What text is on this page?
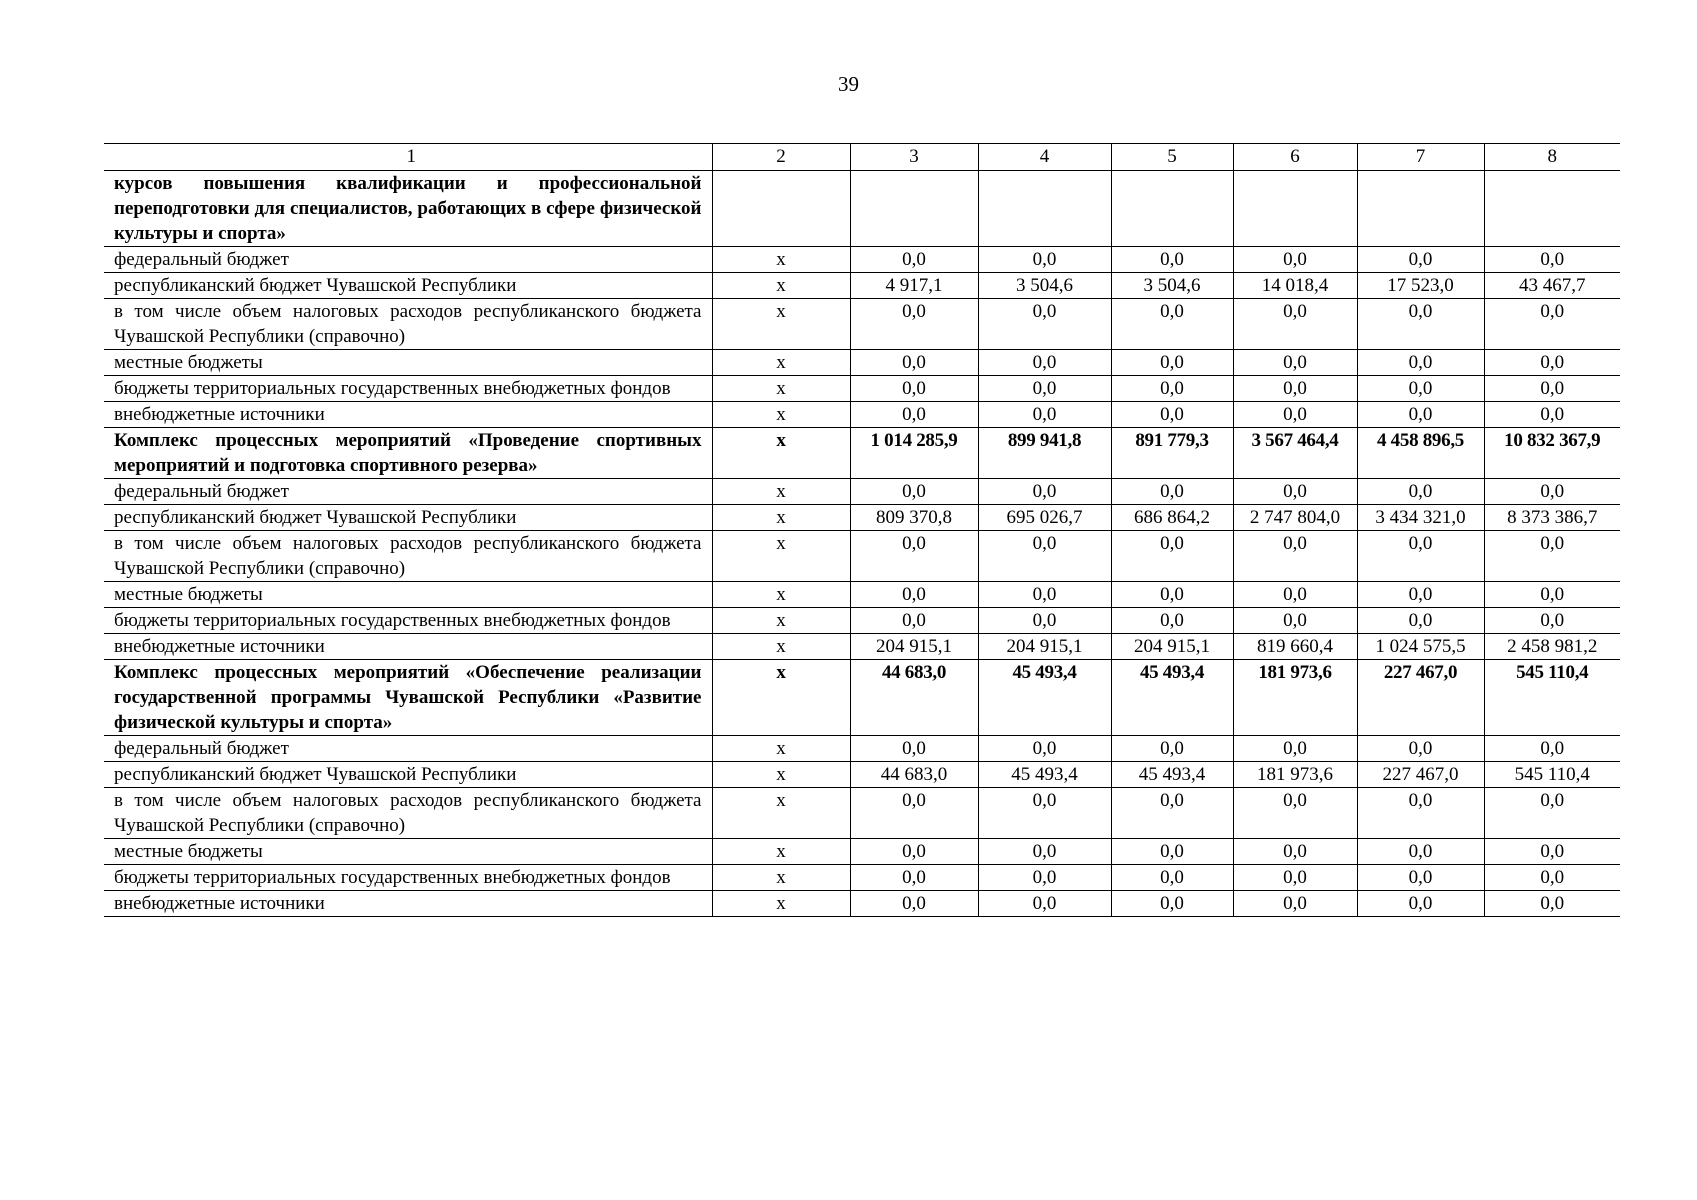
39
1	2	3	4	5	6	7	8
курсов повышения квалификации и профессиональной переподготовки для специалистов, работающих в сфере физической культуры и спорта»							
федеральный бюджет	х	0,0	0,0	0,0	0,0	0,0	0,0
республиканский бюджет Чувашской Республики	х	4 917,1	3 504,6	3 504,6	14 018,4	17 523,0	43 467,7
в том числе объем налоговых расходов республиканского бюджета Чувашской Республики (справочно)	х	0,0	0,0	0,0	0,0	0,0	0,0
местные бюджеты	х	0,0	0,0	0,0	0,0	0,0	0,0
бюджеты территориальных государственных внебюджетных фондов	х	0,0	0,0	0,0	0,0	0,0	0,0
внебюджетные источники	х	0,0	0,0	0,0	0,0	0,0	0,0
Комплекс процессных мероприятий «Проведение спортивных мероприятий и подготовка спортивного резерва»	х	1 014 285,9	899 941,8	891 779,3	3 567 464,4	4 458 896,5	10 832 367,9
федеральный бюджет	х	0,0	0,0	0,0	0,0	0,0	0,0
республиканский бюджет Чувашской Республики	х	809 370,8	695 026,7	686 864,2	2 747 804,0	3 434 321,0	8 373 386,7
в том числе объем налоговых расходов республиканского бюджета Чувашской Республики (справочно)	х	0,0	0,0	0,0	0,0	0,0	0,0
местные бюджеты	х	0,0	0,0	0,0	0,0	0,0	0,0
бюджеты территориальных государственных внебюджетных фондов	х	0,0	0,0	0,0	0,0	0,0	0,0
внебюджетные источники	х	204 915,1	204 915,1	204 915,1	819 660,4	1 024 575,5	2 458 981,2
Комплекс процессных мероприятий «Обеспечение реализации государственной программы Чувашской Республики «Развитие физической культуры и спорта»	х	44 683,0	45 493,4	45 493,4	181 973,6	227 467,0	545 110,4
федеральный бюджет	х	0,0	0,0	0,0	0,0	0,0	0,0
республиканский бюджет Чувашской Республики	х	44 683,0	45 493,4	45 493,4	181 973,6	227 467,0	545 110,4
в том числе объем налоговых расходов республиканского бюджета Чувашской Республики (справочно)	х	0,0	0,0	0,0	0,0	0,0	0,0
местные бюджеты	х	0,0	0,0	0,0	0,0	0,0	0,0
бюджеты территориальных государственных внебюджетных фондов	х	0,0	0,0	0,0	0,0	0,0	0,0
внебюджетные источники	х	0,0	0,0	0,0	0,0	0,0	0,0
